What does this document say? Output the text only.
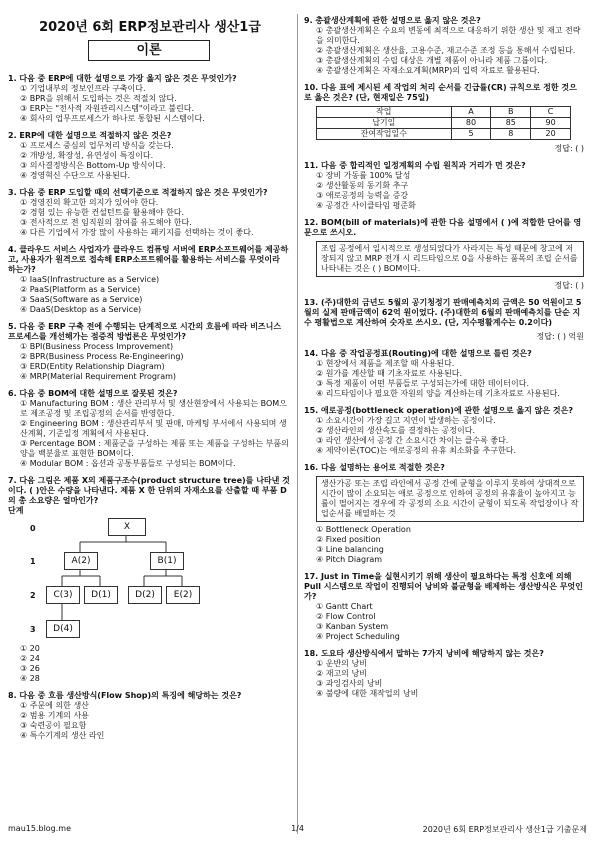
2020년 6회 ERP정보관리사 생산1급
이론
1. 다음 중 ERP에 대한 설명으로 가장 옳지 않은 것은 무엇인가?
① 기업내부의 정보인프라 구축이다.
② BPR을 위해서 도입하는 것은 적절치 않다.
③ ERP는 "전사적 자원관리시스템"이라고 불린다.
④ 회사의 업무프로세스가 하나로 통합된 시스템이다.
2. ERP에 대한 설명으로 적절하지 않은 것은?
① 프로세스 중심의 업무처리 방식을 갖는다.
② 개방성, 확장성, 유연성이 특징이다.
③ 의사결정방식은 Bottom-Up 방식이다.
④ 경영혁신 수단으로 사용된다.
3. 다음 중 ERP 도입할 때의 선택기준으로 적절하지 않은 것은 무엇인가?
① 경영진의 확고한 의지가 있어야 한다.
② 경험 있는 유능한 컨설턴트를 활용해야 한다.
③ 전사적으로 전 임직원의 참여를 유도해야 한다.
④ 다른 기업에서 가장 많이 사용하는 패키지를 선택하는 것이 좋다.
4. 클라우드 서비스 사업자가 클라우드 컴퓨팅 서버에 ERP소프트웨어를 제공하고, 사용자가 원격으로 접속해 ERP소프트웨어를 활용하는 서비스를 무엇이라 하는가?
① IaaS(Infrastructure as a Service)
② PaaS(Platform as a Service)
③ SaaS(Software as a Service)
④ DaaS(Desktop as a Service)
5. 다음 중 ERP 구축 전에 수행되는 단계적으로 시간의 흐름에 따라 비즈니스 프로세스를 개선해가는 점증적 방법론은 무엇인가?
① BPI(Business Process Improvement)
② BPR(Business Process Re-Engineering)
③ ERD(Entity Relationship Diagram)
④ MRP(Material Requirement Program)
6. 다음 중 BOM에 대한 설명으로 잘못된 것은?
① Manufacturing BOM : 생산 관리부서 및 생산현장에서 사용되는 BOM으로 제조공정 및 조립공정의 순서를 반영한다.
② Engineering BOM : 생산관리부서 및 판매, 마케팅 부서에서 사용되며 생산계획, 기준일정 계획에서 사용된다.
③ Percentage BOM : 제품군을 구성하는 제품 또는 제품을 구성하는 부품의 양을 백분율로 표현한 BOM이다.
④ Modular BOM : 옵션과 공통부품들로 구성되는 BOM이다.
7. 다음 그림은 제품 X의 제품구조수(product structure tree)를 나타낸 것이다. ( )안은 수량을 나타낸다. 제품 X 한 단위의 자재소요를 산출할 때 부품 D의 총 소요량은 얼마인가?
단계
0
1
2
3
X
A(2)	B(1)
C(3)	D(1)	D(2)	E(2)
D(4)
① 20
② 24
③ 26
④ 28
8. 다음 중 흐름 생산방식(Flow Shop)의 특징에 해당하는 것은?
① 주문에 의한 생산
② 범용 기계의 사용
③ 숙련공이 필요함
④ 특수기계의 생산 라인
9. 총괄생산계획에 관한 설명으로 옳지 않은 것은?
① 총괄생산계획은 수요의 변동에 최적으로 대응하기 위한 생산 및 재고 전략을 의미한다.
② 총괄생산계획은 생산율, 고용수준, 재고수준 조정 등을 통해서 수립된다.
③ 총괄생산계획의 수립 대상은 개별 제품이 아니라 제품 그룹이다.
④ 총괄생산계획은 자재소요계획(MRP)의 입력 자료로 활용된다.
10. 다음 표에 제시된 세 작업의 처리 순서를 긴급률(CR) 규칙으로 정한 것으로 옳은 것은? (단, 현재일은 75일)
작업	A	B	C
납기일	80	85	90
잔여작업일수	5	8	20
정답: ( )
11. 다음 중 합리적인 일정계획의 수립 원칙과 거리가 먼 것은?
① 장비 가동률 100% 달성
② 생산활동의 동기화 추구
③ 애로공정의 능력을 증강
④ 공정간 사이클타임 평준화
12. BOM(bill of materials)에 관한 다음 설명에서 ( )에 적합한 단어를 영문으로 쓰시오.
조립 공정에서 일시적으로 생성되었다가 사라지는 특성 때문에 창고에 저장되지 않고 MRP 전개 시 리드타임으로 0을 사용하는 품목의 조립 순서를 나타내는 것은 ( ) BOM이다.
정답: ( )
13. (주)대한의 금년도 5월의 공기청정기 판매예측치의 금액은 50 억원이고 5월의 실제 판매금액이 62억 원이었다. (주)대한의 6월의 판매예측치를 단순 지수 평활법으로 계산하여 숫자로 쓰시오. (단, 지수평활계수는 0.2이다)
정답: ( ) 억원
14. 다음 중 작업공정표(Routing)에 대한 설명으로 틀린 것은?
① 현장에서 제품을 제조할 때 사용된다.
② 원가를 계산할 때 기초자료로 사용된다.
③ 특정 제품이 어떤 부품들로 구성되는가에 대한 데이터이다.
④ 리드타임이나 필요한 자원의 양을 계산하는데 기초자료로 사용된다.
15. 애로공정(bottleneck operation)에 관한 설명으로 옳지 않은 것은?
① 소요시간이 가장 길고 지연이 발생하는 공정이다.
② 생산라인의 생산속도를 결정하는 공정이다.
③ 라인 생산에서 공정 간 소요시간 차이는 클수록 좋다.
④ 제약이론(TOC)는 애로공정의 유휴 최소화를 추구한다.
16. 다음 설명하는 용어로 적절한 것은?
생산가공 또는 조립 라인에서 공정 간에 균형을 이루지 못하여 상대적으로 시간이 많이 소요되는 애로 공정으로 인하여 공정의 유휴율이 높아지고 능률이 떨어지는 경우에 각 공정의 소요 시간이 균형이 되도록 작업장이나 작업순서를 배열하는 것
① Bottleneck Operation
② Fixed position
③ Line balancing
④ Pitch Diagram
17. Just in Time을 실현시키기 위해 생산이 필요하다는 특정 신호에 의해 Pull 시스템으로 작업이 진행되어 낭비와 불균형을 배제하는 생산방식은 무엇인가?
① Gantt Chart
② Flow Control
③ Kanban System
④ Project Scheduling
18. 도요타 생산방식에서 말하는 7가지 낭비에 해당하지 않는 것은?
① 운반의 낭비
② 재고의 낭비
③ 과잉검사의 낭비
④ 불량에 대한 재작업의 낭비
mau15.blog.me	1/4	2020년 6회 ERP정보관리사 생산1급 기출문제
